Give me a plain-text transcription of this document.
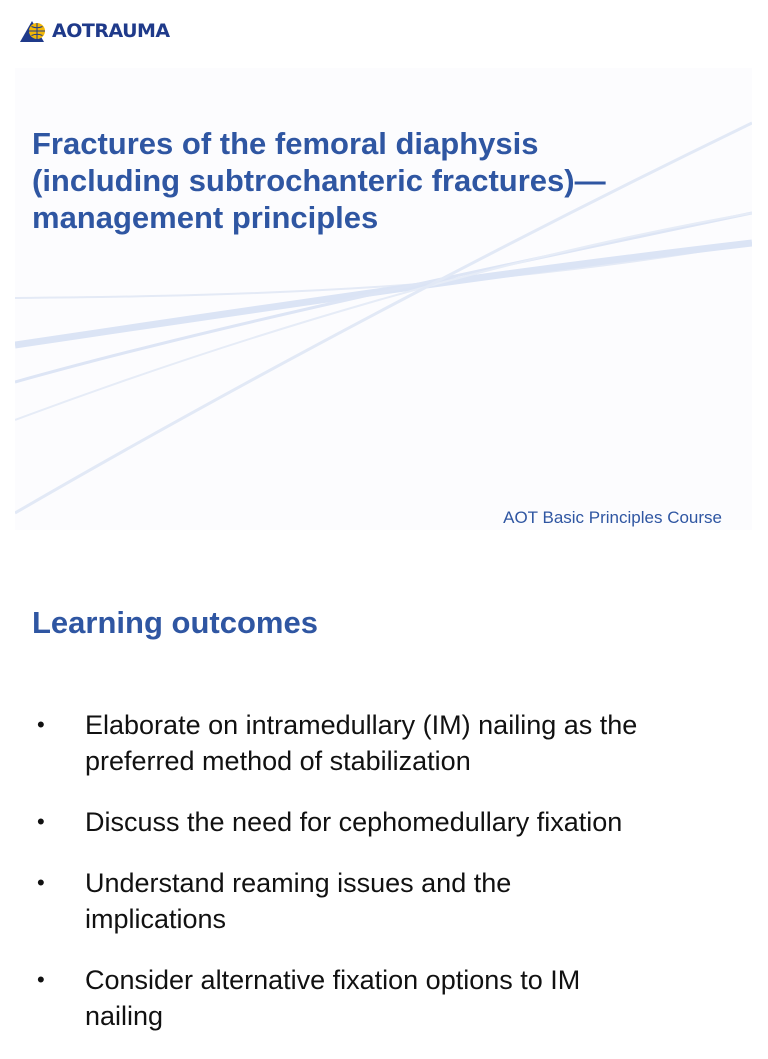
AOTRAUMA
Fractures of the femoral diaphysis
(including subtrochanteric fractures)—
management principles
AOT Basic Principles Course
Learning outcomes
• Elaborate on intramedullary (IM) nailing as the
preferred method of stabilization
• Discuss the need for cephomedullary fixation
• Understand reaming issues and the
implications
• Consider alternative fixation options to IM
nailing
